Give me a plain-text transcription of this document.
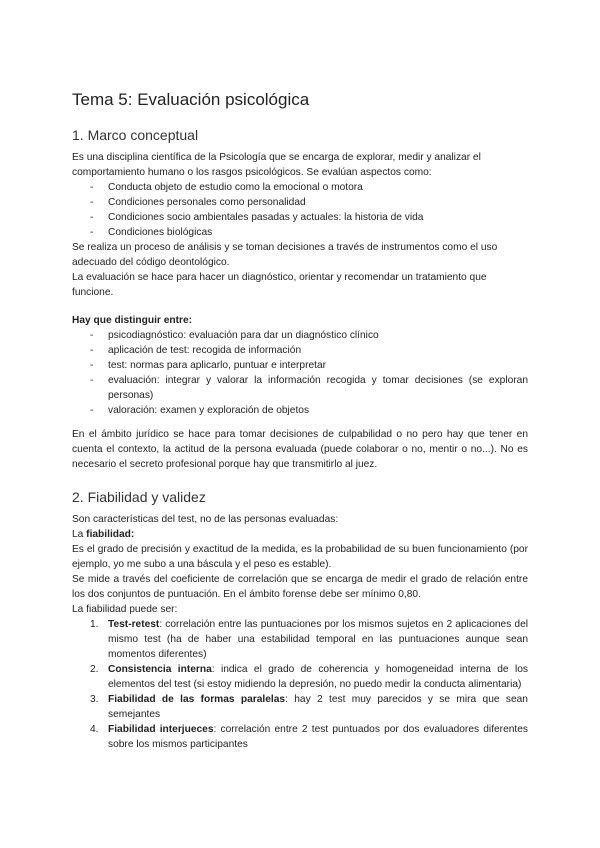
Tema 5: Evaluación psicológica
1. Marco conceptual

Es una disciplina científica de la Psicología que se encarga de explorar, medir y analizar el comportamiento humano o los rasgos psicológicos. Se evalúan aspectos como:

- Conducta objeto de estudio como la emocional o motora
- Condiciones personales como personalidad
- Condiciones socio ambientales pasadas y actuales: la historia de vida
- Condiciones biológicas

Se realiza un proceso de análisis y se toman decisiones a través de instrumentos como el uso adecuado del código deontológico.

La evaluación se hace para hacer un diagnóstico, orientar y recomendar un tratamiento que funcione.

Hay que distinguir entre:

- psicodiagnóstico: evaluación para dar un diagnóstico clínico
- aplicación de test: recogida de información
- test: normas para aplicarlo, puntuar e interpretar
- evaluación: integrar y valorar la información recogida y tomar decisiones (se exploran personas)
- valoración: examen y exploración de objetos

En el ámbito jurídico se hace para tomar decisiones de culpabilidad o no pero hay que tener en cuenta el contexto, la actitud de la persona evaluada (puede colaborar o no, mentir o no...). No es necesario el secreto profesional porque hay que transmitirlo al juez.

2. Fiabilidad y validez

Son características del test, no de las personas evaluadas:

La fiabilidad:

Es el grado de precisión y exactitud de la medida, es la probabilidad de su buen funcionamiento (por ejemplo, yo me subo a una báscula y el peso es estable).

Se mide a través del coeficiente de correlación que se encarga de medir el grado de relación entre los dos conjuntos de puntuación. En el ámbito forense debe ser mínimo 0,80.

La fiabilidad puede ser:

1. Test-retest: correlación entre las puntuaciones por los mismos sujetos en 2 aplicaciones del mismo test (ha de haber una estabilidad temporal en las puntuaciones aunque sean momentos diferentes)
2. Consistencia interna: indica el grado de coherencia y homogeneidad interna de los elementos del test (si estoy midiendo la depresión, no puedo medir la conducta alimentaria)
3. Fiabilidad de las formas paralelas: hay 2 test muy parecidos y se mira que sean semejantes
4. Fiabilidad interjueces: correlación entre 2 test puntuados por dos evaluadores diferentes sobre los mismos participantes
